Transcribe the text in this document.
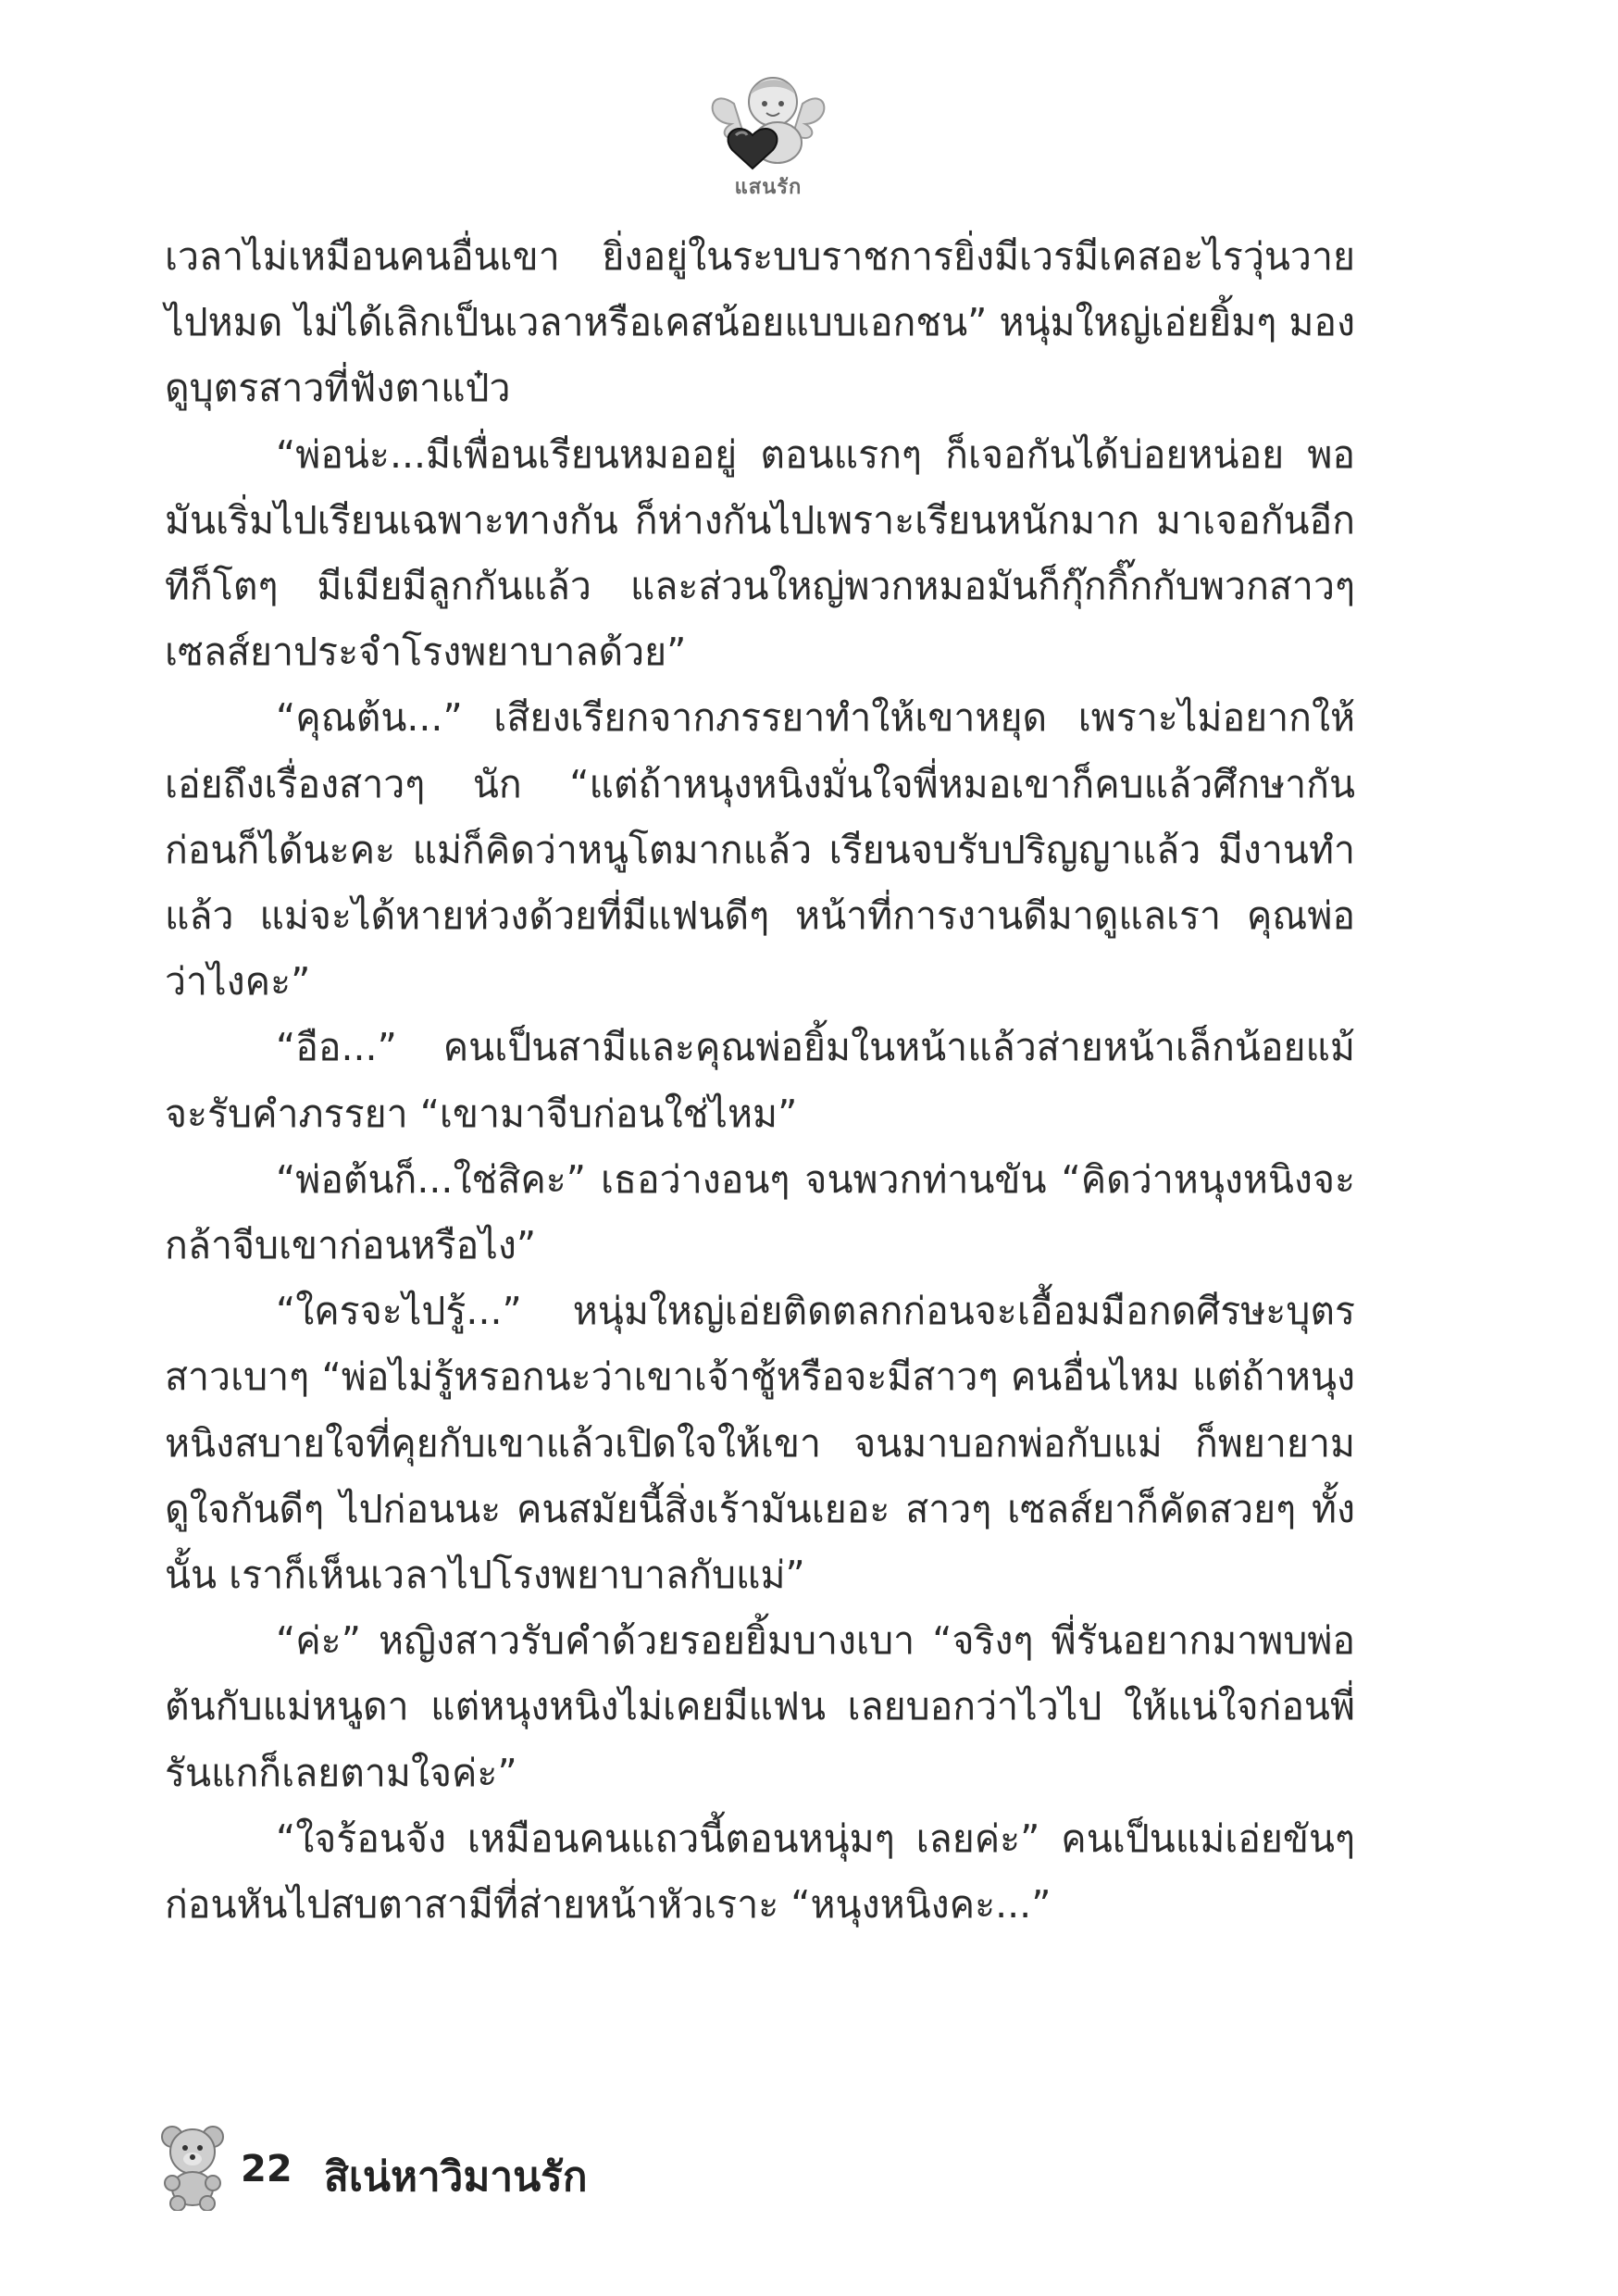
แสนรัก

เวลาไม่เหมือนคนอื่นเขา ยิ่งอยู่ในระบบราชการยิ่งมีเวรมีเคสอะไรวุ่นวายไปหมด ไม่ได้เลิกเป็นเวลาหรือเคสน้อยแบบเอกชน” หนุ่มใหญ่เอ่ยยิ้มๆ มองดูบุตรสาวที่ฟังตาแป๋ว

“พ่อน่ะ...มีเพื่อนเรียนหมออยู่ ตอนแรกๆ ก็เจอกันได้บ่อยหน่อย พอมันเริ่มไปเรียนเฉพาะทางกัน ก็ห่างกันไปเพราะเรียนหนักมาก มาเจอกันอีกทีก็โตๆ มีเมียมีลูกกันแล้ว และส่วนใหญ่พวกหมอมันก็กุ๊กกิ๊กกับพวกสาวๆ เซลส์ยาประจำโรงพยาบาลด้วย”

“คุณต้น...” เสียงเรียกจากภรรยาทำให้เขาหยุด เพราะไม่อยากให้เอ่ยถึงเรื่องสาวๆ นัก “แต่ถ้าหนุงหนิงมั่นใจพี่หมอเขาก็คบแล้วศึกษากันก่อนก็ได้นะคะ แม่ก็คิดว่าหนูโตมากแล้ว เรียนจบรับปริญญาแล้ว มีงานทำแล้ว แม่จะได้หายห่วงด้วยที่มีแฟนดีๆ หน้าที่การงานดีมาดูแลเรา คุณพ่อว่าไงคะ”

“อือ...” คนเป็นสามีและคุณพ่อยิ้มในหน้าแล้วส่ายหน้าเล็กน้อยแม้จะรับคำภรรยา “เขามาจีบก่อนใช่ไหม”

“พ่อต้นก็...ใช่สิคะ” เธอว่างอนๆ จนพวกท่านขัน “คิดว่าหนุงหนิงจะกล้าจีบเขาก่อนหรือไง”

“ใครจะไปรู้...” หนุ่มใหญ่เอ่ยติดตลกก่อนจะเอื้อมมือกดศีรษะบุตรสาวเบาๆ “พ่อไม่รู้หรอกนะว่าเขาเจ้าชู้หรือจะมีสาวๆ คนอื่นไหม แต่ถ้าหนุงหนิงสบายใจที่คุยกับเขาแล้วเปิดใจให้เขา จนมาบอกพ่อกับแม่ ก็พยายามดูใจกันดีๆ ไปก่อนนะ คนสมัยนี้สิ่งเร้ามันเยอะ สาวๆ เซลส์ยาก็คัดสวยๆ ทั้งนั้น เราก็เห็นเวลาไปโรงพยาบาลกับแม่”

“ค่ะ” หญิงสาวรับคำด้วยรอยยิ้มบางเบา “จริงๆ พี่รันอยากมาพบพ่อต้นกับแม่หนูดา แต่หนุงหนิงไม่เคยมีแฟน เลยบอกว่าไวไป ให้แน่ใจก่อนพี่รันแกก็เลยตามใจค่ะ”

“ใจร้อนจัง เหมือนคนแถวนี้ตอนหนุ่มๆ เลยค่ะ” คนเป็นแม่เอ่ยขันๆ ก่อนหันไปสบตาสามีที่ส่ายหน้าหัวเราะ “หนุงหนิงคะ...”

22 สิเน่หาวิมานรัก
